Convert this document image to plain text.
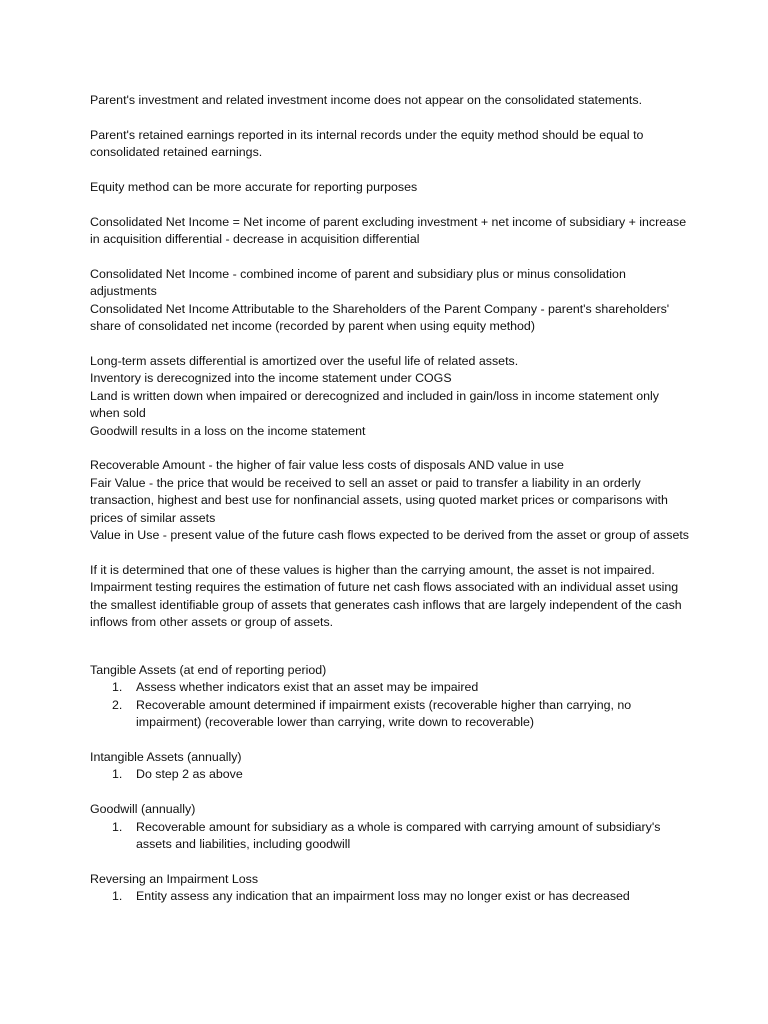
Parent's investment and related investment income does not appear on the consolidated statements.

Parent's retained earnings reported in its internal records under the equity method should be equal to consolidated retained earnings.

Equity method can be more accurate for reporting purposes

Consolidated Net Income = Net income of parent excluding investment + net income of subsidiary + increase in acquisition differential - decrease in acquisition differential

Consolidated Net Income - combined income of parent and subsidiary plus or minus consolidation adjustments
Consolidated Net Income Attributable to the Shareholders of the Parent Company - parent's shareholders' share of consolidated net income (recorded by parent when using equity method)

Long-term assets differential is amortized over the useful life of related assets.
Inventory is derecognized into the income statement under COGS
Land is written down when impaired or derecognized and included in gain/loss in income statement only when sold
Goodwill results in a loss on the income statement

Recoverable Amount - the higher of fair value less costs of disposals AND value in use
Fair Value - the price that would be received to sell an asset or paid to transfer a liability in an orderly transaction, highest and best use for nonfinancial assets, using quoted market prices or comparisons with prices of similar assets
Value in Use - present value of the future cash flows expected to be derived from the asset or group of assets

If it is determined that one of these values is higher than the carrying amount, the asset is not impaired. Impairment testing requires the estimation of future net cash flows associated with an individual asset using the smallest identifiable group of assets that generates cash inflows that are largely independent of the cash inflows from other assets or group of assets.

Tangible Assets (at end of reporting period)

1. Assess whether indicators exist that an asset may be impaired
2. Recoverable amount determined if impairment exists (recoverable higher than carrying, no impairment) (recoverable lower than carrying, write down to recoverable)

Intangible Assets (annually)

1. Do step 2 as above

Goodwill (annually)

1. Recoverable amount for subsidiary as a whole is compared with carrying amount of subsidiary's assets and liabilities, including goodwill

Reversing an Impairment Loss

1. Entity assess any indication that an impairment loss may no longer exist or has decreased
